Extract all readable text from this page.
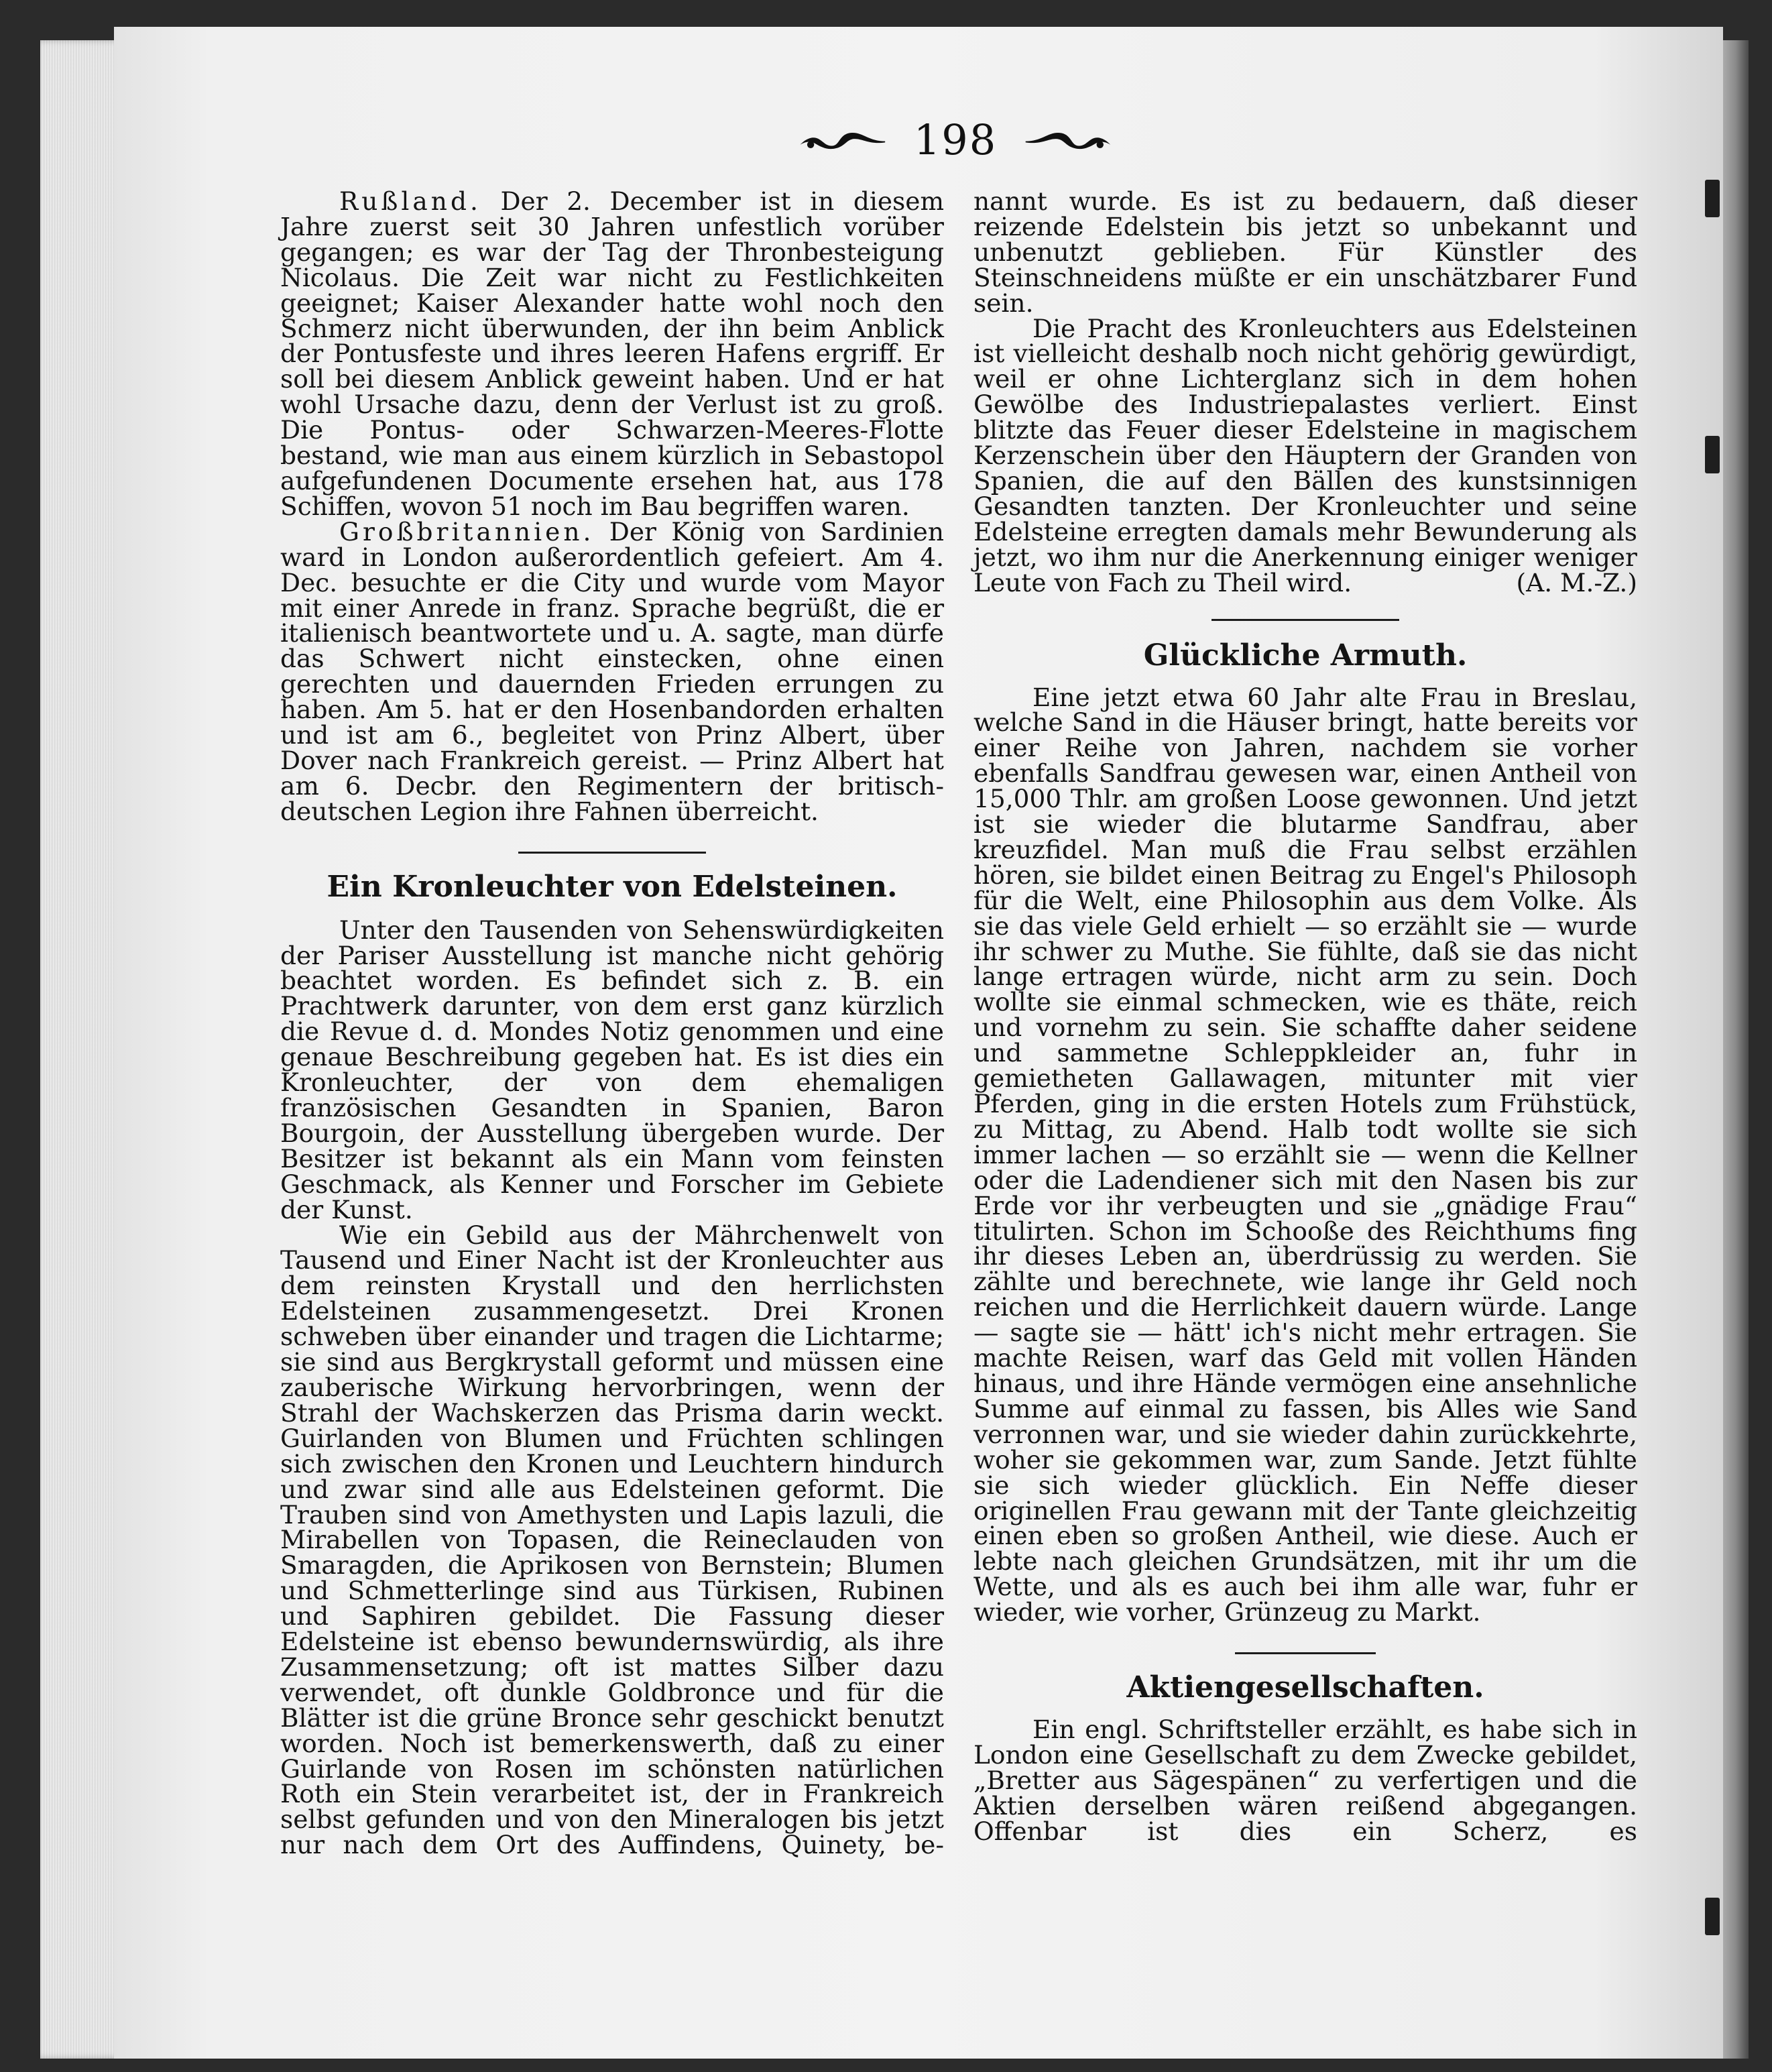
198

Rußland. Der 2. December ist in diesem Jahre zuerst seit 30 Jahren unfestlich vorüber gegangen; es war der Tag der Thronbesteigung Nicolaus. Die Zeit war nicht zu Festlichkeiten geeignet; Kaiser Alexander hatte wohl noch den Schmerz nicht überwunden, der ihn beim Anblick der Pontusfeste und ihres leeren Hafens ergriff. Er soll bei diesem Anblick geweint haben. Und er hat wohl Ursache dazu, denn der Verlust ist zu groß. Die Pontus- oder Schwarzen-Meeres-Flotte bestand, wie man aus einem kürzlich in Sebastopol aufgefundenen Documente ersehen hat, aus 178 Schiffen, wovon 51 noch im Bau begriffen waren.

Großbritannien. Der König von Sardinien ward in London außerordentlich gefeiert. Am 4. Dec. besuchte er die City und wurde vom Mayor mit einer Anrede in franz. Sprache begrüßt, die er italienisch beantwortete und u. A. sagte, man dürfe das Schwert nicht einstecken, ohne einen gerechten und dauernden Frieden errungen zu haben. Am 5. hat er den Hosenbandorden erhalten und ist am 6., begleitet von Prinz Albert, über Dover nach Frankreich gereist. — Prinz Albert hat am 6. Decbr. den Regimentern der britisch-deutschen Legion ihre Fahnen überreicht.

Ein Kronleuchter von Edelsteinen.

Unter den Tausenden von Sehenswürdigkeiten der Pariser Ausstellung ist manche nicht gehörig beachtet worden. Es befindet sich z. B. ein Prachtwerk darunter, von dem erst ganz kürzlich die Revue d. d. Mondes Notiz genommen und eine genaue Beschreibung gegeben hat. Es ist dies ein Kronleuchter, der von dem ehemaligen französischen Gesandten in Spanien, Baron Bourgoin, der Ausstellung übergeben wurde. Der Besitzer ist bekannt als ein Mann vom feinsten Geschmack, als Kenner und Forscher im Gebiete der Kunst.

Wie ein Gebild aus der Mährchenwelt von Tausend und Einer Nacht ist der Kronleuchter aus dem reinsten Krystall und den herrlichsten Edelsteinen zusammengesetzt. Drei Kronen schweben über einander und tragen die Lichtarme; sie sind aus Bergkrystall geformt und müssen eine zauberische Wirkung hervorbringen, wenn der Strahl der Wachskerzen das Prisma darin weckt. Guirlanden von Blumen und Früchten schlingen sich zwischen den Kronen und Leuchtern hindurch und zwar sind alle aus Edelsteinen geformt. Die Trauben sind von Amethysten und Lapis lazuli, die Mirabellen von Topasen, die Reineclauden von Smaragden, die Aprikosen von Bernstein; Blumen und Schmetterlinge sind aus Türkisen, Rubinen und Saphiren gebildet. Die Fassung dieser Edelsteine ist ebenso bewundernswürdig, als ihre Zusammensetzung; oft ist mattes Silber dazu verwendet, oft dunkle Goldbronce und für die Blätter ist die grüne Bronce sehr geschickt benutzt worden. Noch ist bemerkenswerth, daß zu einer Guirlande von Rosen im schönsten natürlichen Roth ein Stein verarbeitet ist, der in Frankreich selbst gefunden und von den Mineralogen bis jetzt nur nach dem Ort des Auffindens, Quinety, be-

nannt wurde. Es ist zu bedauern, daß dieser reizende Edelstein bis jetzt so unbekannt und unbenutzt geblieben. Für Künstler des Steinschneidens müßte er ein unschätzbarer Fund sein.

Die Pracht des Kronleuchters aus Edelsteinen ist vielleicht deshalb noch nicht gehörig gewürdigt, weil er ohne Lichterglanz sich in dem hohen Gewölbe des Industriepalastes verliert. Einst blitzte das Feuer dieser Edelsteine in magischem Kerzenschein über den Häuptern der Granden von Spanien, die auf den Bällen des kunstsinnigen Gesandten tanzten. Der Kronleuchter und seine Edelsteine erregten damals mehr Bewunderung als jetzt, wo ihm nur die Anerkennung einiger weniger Leute von Fach zu Theil wird.	(A. M.-Z.)

Glückliche Armuth.

Eine jetzt etwa 60 Jahr alte Frau in Breslau, welche Sand in die Häuser bringt, hatte bereits vor einer Reihe von Jahren, nachdem sie vorher ebenfalls Sandfrau gewesen war, einen Antheil von 15,000 Thlr. am großen Loose gewonnen. Und jetzt ist sie wieder die blutarme Sandfrau, aber kreuzfidel. Man muß die Frau selbst erzählen hören, sie bildet einen Beitrag zu Engel's Philosoph für die Welt, eine Philosophin aus dem Volke. Als sie das viele Geld erhielt — so erzählt sie — wurde ihr schwer zu Muthe. Sie fühlte, daß sie das nicht lange ertragen würde, nicht arm zu sein. Doch wollte sie einmal schmecken, wie es thäte, reich und vornehm zu sein. Sie schaffte daher seidene und sammetne Schleppkleider an, fuhr in gemietheten Gallawagen, mitunter mit vier Pferden, ging in die ersten Hotels zum Frühstück, zu Mittag, zu Abend. Halb todt wollte sie sich immer lachen — so erzählt sie — wenn die Kellner oder die Ladendiener sich mit den Nasen bis zur Erde vor ihr verbeugten und sie „gnädige Frau“ titulirten. Schon im Schooße des Reichthums fing ihr dieses Leben an, überdrüssig zu werden. Sie zählte und berechnete, wie lange ihr Geld noch reichen und die Herrlichkeit dauern würde. Lange — sagte sie — hätt' ich's nicht mehr ertragen. Sie machte Reisen, warf das Geld mit vollen Händen hinaus, und ihre Hände vermögen eine ansehnliche Summe auf einmal zu fassen, bis Alles wie Sand verronnen war, und sie wieder dahin zurückkehrte, woher sie gekommen war, zum Sande. Jetzt fühlte sie sich wieder glücklich. Ein Neffe dieser originellen Frau gewann mit der Tante gleichzeitig einen eben so großen Antheil, wie diese. Auch er lebte nach gleichen Grundsätzen, mit ihr um die Wette, und als es auch bei ihm alle war, fuhr er wieder, wie vorher, Grünzeug zu Markt.

Aktiengesellschaften.

Ein engl. Schriftsteller erzählt, es habe sich in London eine Gesellschaft zu dem Zwecke gebildet, „Bretter aus Sägespänen“ zu verfertigen und die Aktien derselben wären reißend abgegangen. Offenbar ist dies ein Scherz, es
